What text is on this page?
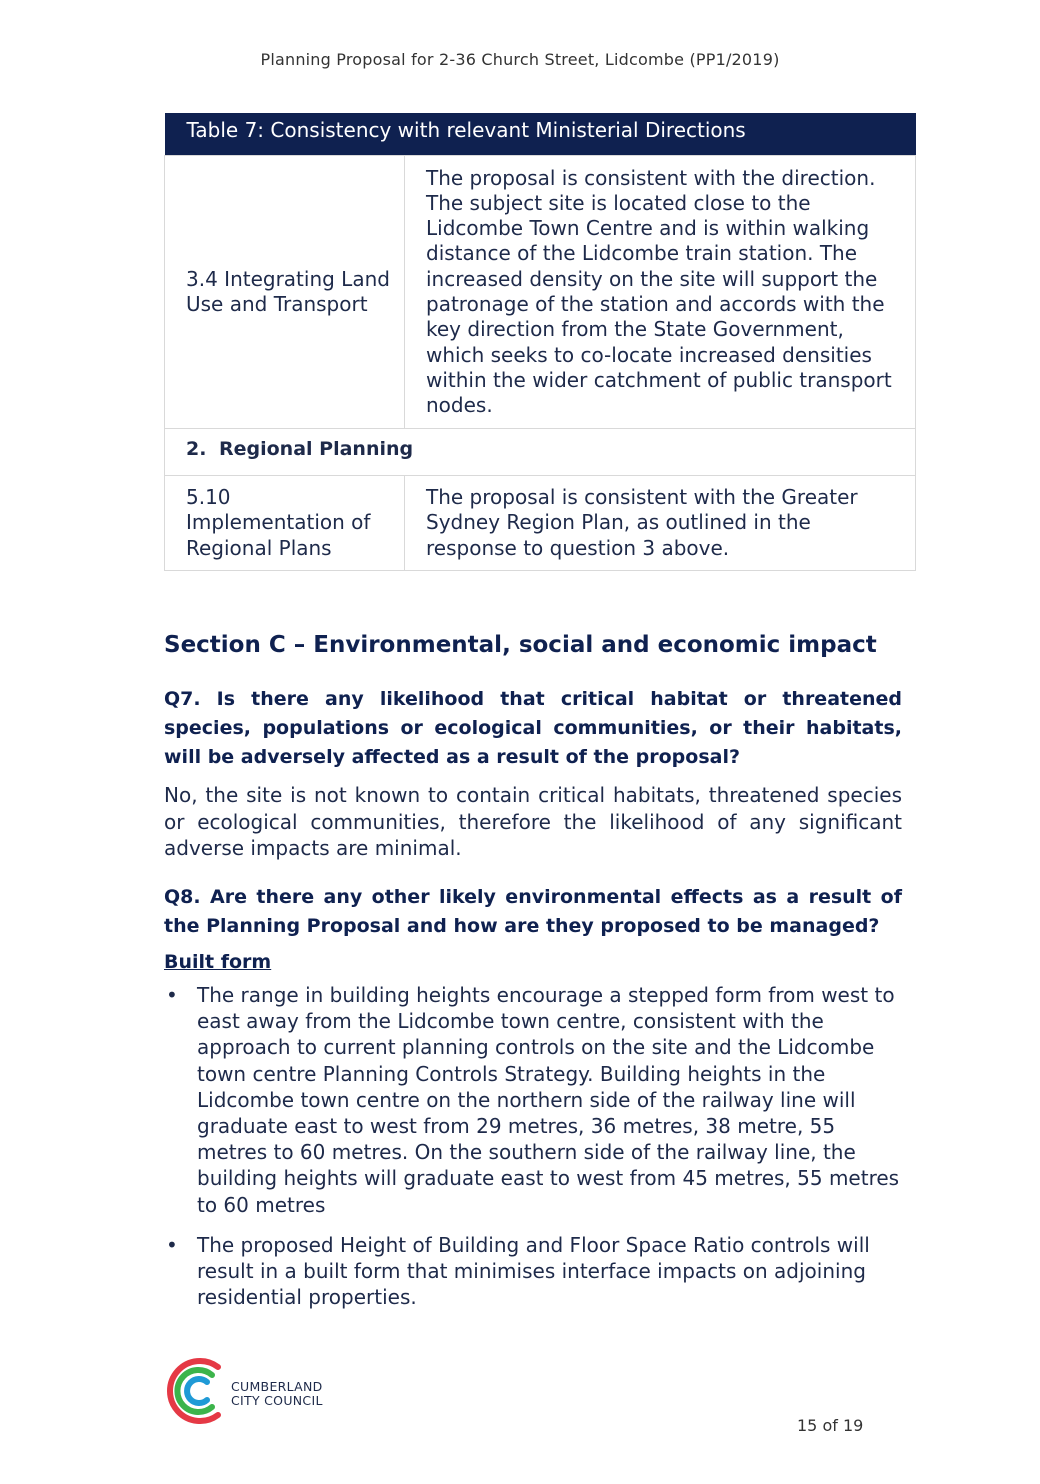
Planning Proposal for 2-36 Church Street, Lidcombe (PP1/2019)
Table 7: Consistency with relevant Ministerial Directions	
3.4 Integrating Land Use and Transport	The proposal is consistent with the direction. The subject site is located close to the Lidcombe Town Centre and is within walking distance of the Lidcombe train station. The increased density on the site will support the patronage of the station and accords with the key direction from the State Government, which seeks to co-locate increased densities within the wider catchment of public transport nodes.
2. Regional Planning	
5.10 Implementation of Regional Plans	The proposal is consistent with the Greater Sydney Region Plan, as outlined in the response to question 3 above.
Section C – Environmental, social and economic impact

Q7. Is there any likelihood that critical habitat or threatened species, populations or ecological communities, or their habitats, will be adversely affected as a result of the proposal?

No, the site is not known to contain critical habitats, threatened species or ecological communities, therefore the likelihood of any significant adverse impacts are minimal.

Q8. Are there any other likely environmental effects as a result of the Planning Proposal and how are they proposed to be managed?

Built form

• The range in building heights encourage a stepped form from west to east away from the Lidcombe town centre, consistent with the approach to current planning controls on the site and the Lidcombe town centre Planning Controls Strategy. Building heights in the Lidcombe town centre on the northern side of the railway line will graduate east to west from 29 metres, 36 metres, 38 metre, 55 metres to 60 metres. On the southern side of the railway line, the building heights will graduate east to west from 45 metres, 55 metres to 60 metres
• The proposed Height of Building and Floor Space Ratio controls will result in a built form that minimises interface impacts on adjoining residential properties.
CUMBERLAND
CITY COUNCIL
15 of 19
